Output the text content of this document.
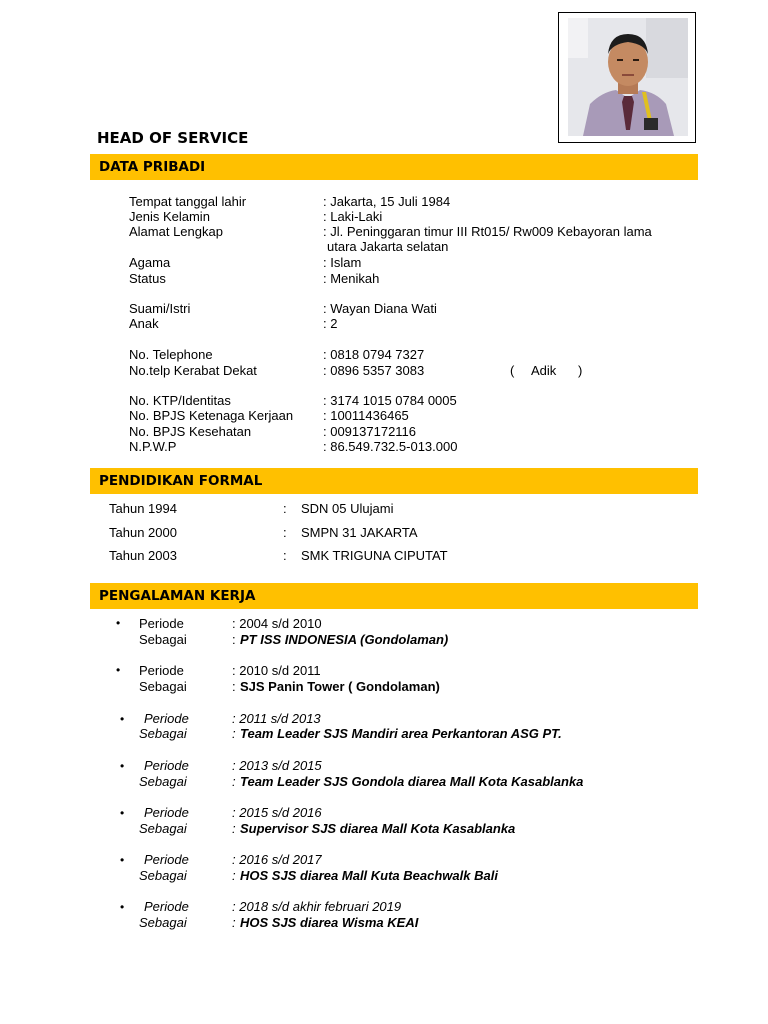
HEAD OF SERVICE
DATA PRIBADI
Tempat tanggal lahir	: Jakarta, 15 Juli 1984
Jenis Kelamin	: Laki-Laki
Alamat Lengkap	: Jl. Peninggaran timur III Rt015/ Rw009 Kebayoran lama
utara Jakarta selatan
Agama	: Islam
Status	: Menikah
Suami/Istri	: Wayan Diana Wati
Anak	: 2
No. Telephone	: 0818 0794 7327
No.telp Kerabat Dekat	: 0896 5357 3083	( Adik )
No. KTP/Identitas	: 3174 1015 0784 0005
No. BPJS Ketenaga Kerjaan : 10011436465
No. BPJS Kesehatan	: 009137172116
N.P.W.P	: 86.549.732.5-013.000
PENDIDIKAN FORMAL
Tahun 1994	: SDN 05 Ulujami
Tahun 2000	: SMPN 31 JAKARTA
Tahun 2003	: SMK TRIGUNA CIPUTAT
PENGALAMAN KERJA
• Periode	: 2004 s/d 2010
Sebagai	: PT ISS INDONESIA (Gondolaman)
• Periode	: 2010 s/d 2011
Sebagai	: SJS Panin Tower ( Gondolaman)
• Periode	: 2011 s/d 2013
Sebagai	: Team Leader SJS Mandiri area Perkantoran ASG PT.
• Periode	: 2013 s/d 2015
Sebagai	: Team Leader SJS Gondola diarea Mall Kota Kasablanka
• Periode	: 2015 s/d 2016
Sebagai	: Supervisor SJS diarea Mall Kota Kasablanka
• Periode	: 2016 s/d 2017
Sebagai	: HOS SJS diarea Mall Kuta Beachwalk Bali
• Periode	: 2018 s/d akhir februari 2019
Sebagai	: HOS SJS diarea Wisma KEAI
